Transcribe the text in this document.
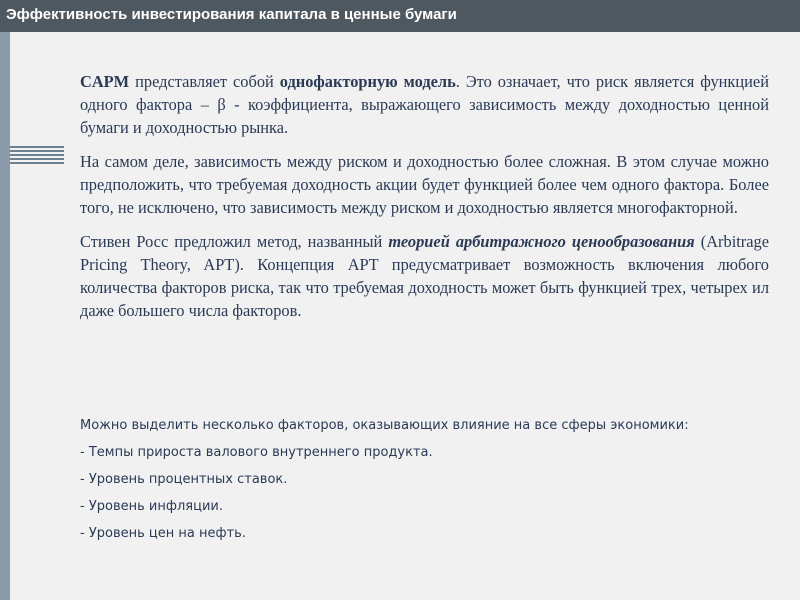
Эффективность инвестирования капитала в ценные бумаги

CAPM представляет собой однофакторную модель. Это означает, что риск является функцией одного фактора – β - коэффициента, выражающего зависимость между доходностью ценной бумаги и доходностью рынка.

На самом деле, зависимость между риском и доходностью более сложная. В этом случае можно предположить, что требуемая доходность акции будет функцией более чем одного фактора. Более того, не исключено, что зависимость между риском и доходностью является многофакторной.

Стивен Росс предложил метод, названный теорией арбитражного ценообразования (Arbitrage Pricing Theory, APT). Концепция APT предусматривает возможность включения любого количества факторов риска, так что требуемая доходность может быть функцией трех, четырех ил даже большего числа факторов.

Можно выделить несколько факторов, оказывающих влияние на все сферы экономики:

- Темпы прироста валового внутреннего продукта.

- Уровень процентных ставок.

- Уровень инфляции.

- Уровень цен на нефть.
